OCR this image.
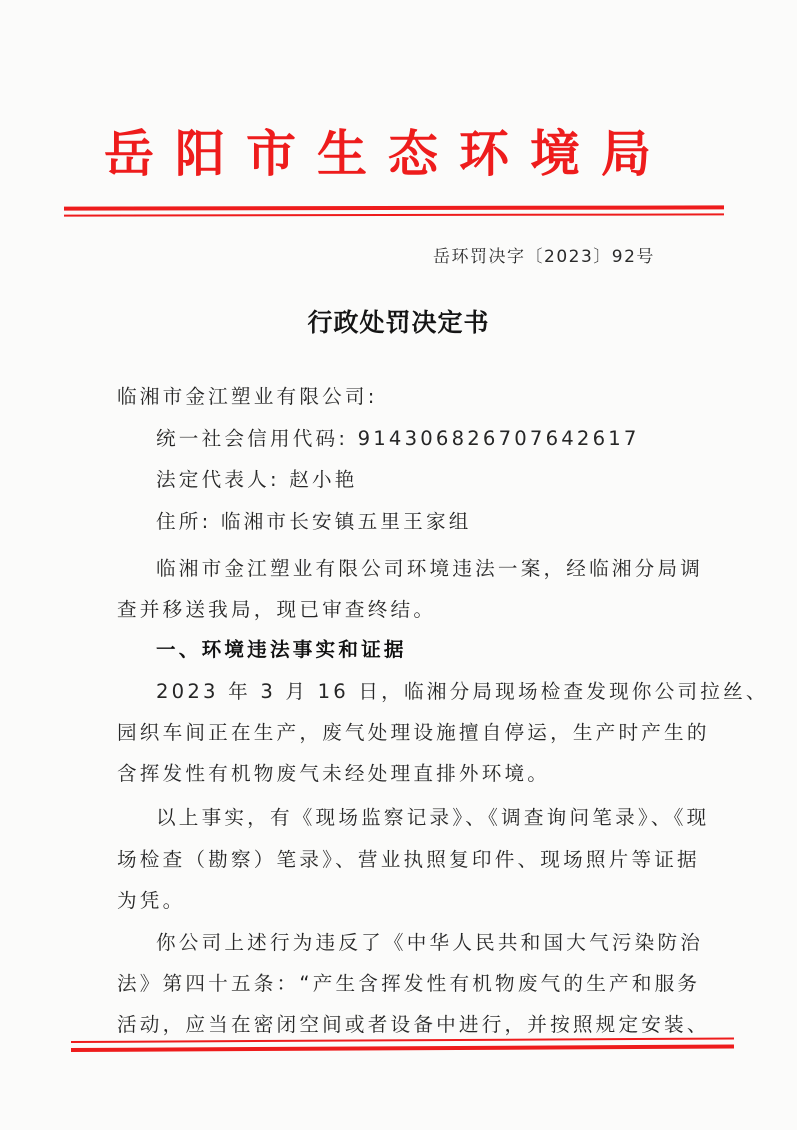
岳阳市生态环境局
岳环罚决字〔2023〕92号
行政处罚决定书
临湘市金江塑业有限公司:
统一社会信用代码: 914306826707642617
法定代表人: 赵小艳
住所: 临湘市长安镇五里王家组
临湘市金江塑业有限公司环境违法一案，经临湘分局调
查并移送我局，现已审查终结。
一、环境违法事实和证据
2023 年 3 月 16 日，临湘分局现场检查发现你公司拉丝、
园织车间正在生产，废气处理设施擅自停运，生产时产生的
含挥发性有机物废气未经处理直排外环境。
以上事实，有《现场监察记录》、《调查询问笔录》、《现
场检查（勘察）笔录》、营业执照复印件、现场照片等证据
为凭。
你公司上述行为违反了《中华人民共和国大气污染防治
法》第四十五条：“产生含挥发性有机物废气的生产和服务
活动，应当在密闭空间或者设备中进行，并按照规定安装、
